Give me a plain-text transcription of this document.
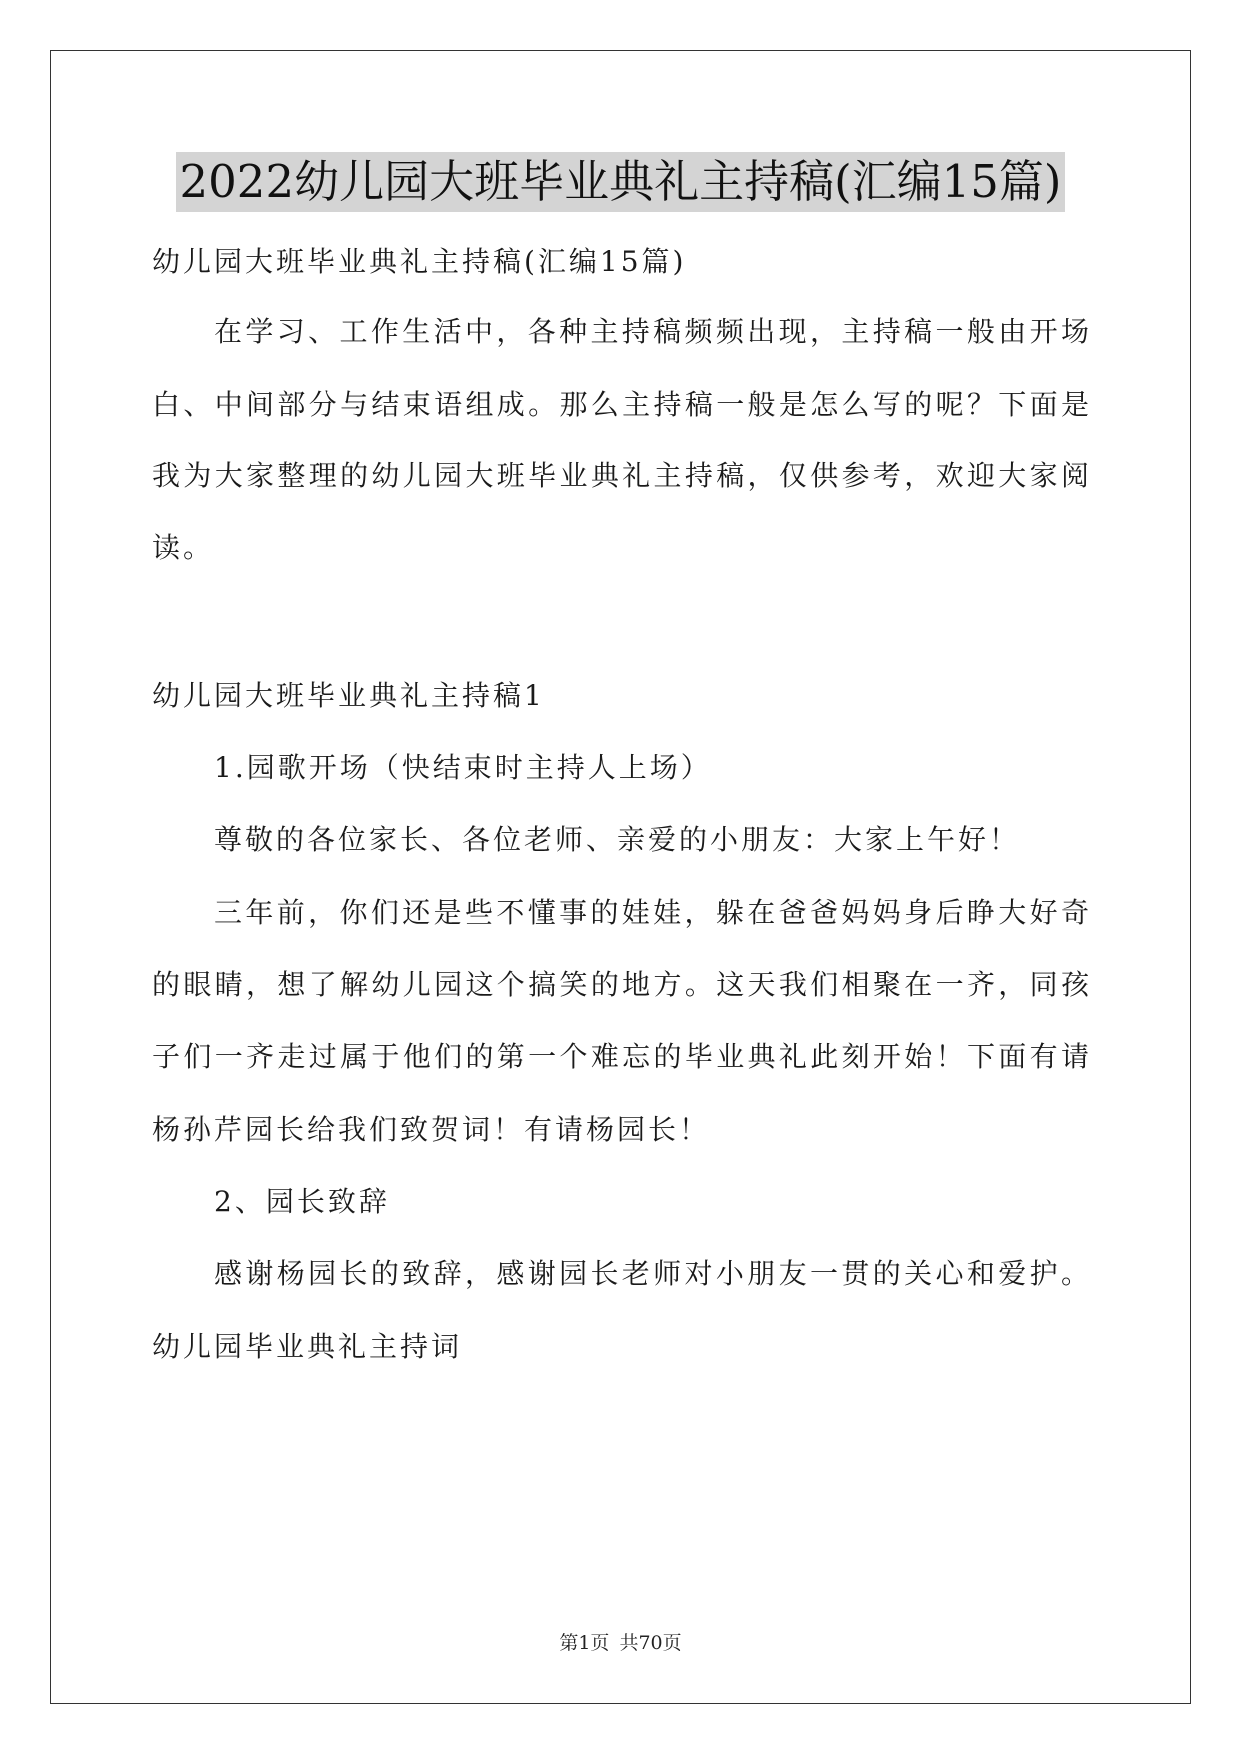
2022幼儿园大班毕业典礼主持稿(汇编15篇)
幼儿园大班毕业典礼主持稿(汇编15篇)
在学习、工作生活中，各种主持稿频频出现，主持稿一般由开场
白、中间部分与结束语组成。那么主持稿一般是怎么写的呢？下面是
我为大家整理的幼儿园大班毕业典礼主持稿，仅供参考，欢迎大家阅
读。
幼儿园大班毕业典礼主持稿1
1.园歌开场（快结束时主持人上场）
尊敬的各位家长、各位老师、亲爱的小朋友：大家上午好！
三年前，你们还是些不懂事的娃娃，躲在爸爸妈妈身后睁大好奇
的眼睛，想了解幼儿园这个搞笑的地方。这天我们相聚在一齐，同孩
子们一齐走过属于他们的第一个难忘的毕业典礼此刻开始！下面有请
杨孙芹园长给我们致贺词！有请杨园长！
2、园长致辞
感谢杨园长的致辞，感谢园长老师对小朋友一贯的关心和爱护。
幼儿园毕业典礼主持词
第1页 共70页
